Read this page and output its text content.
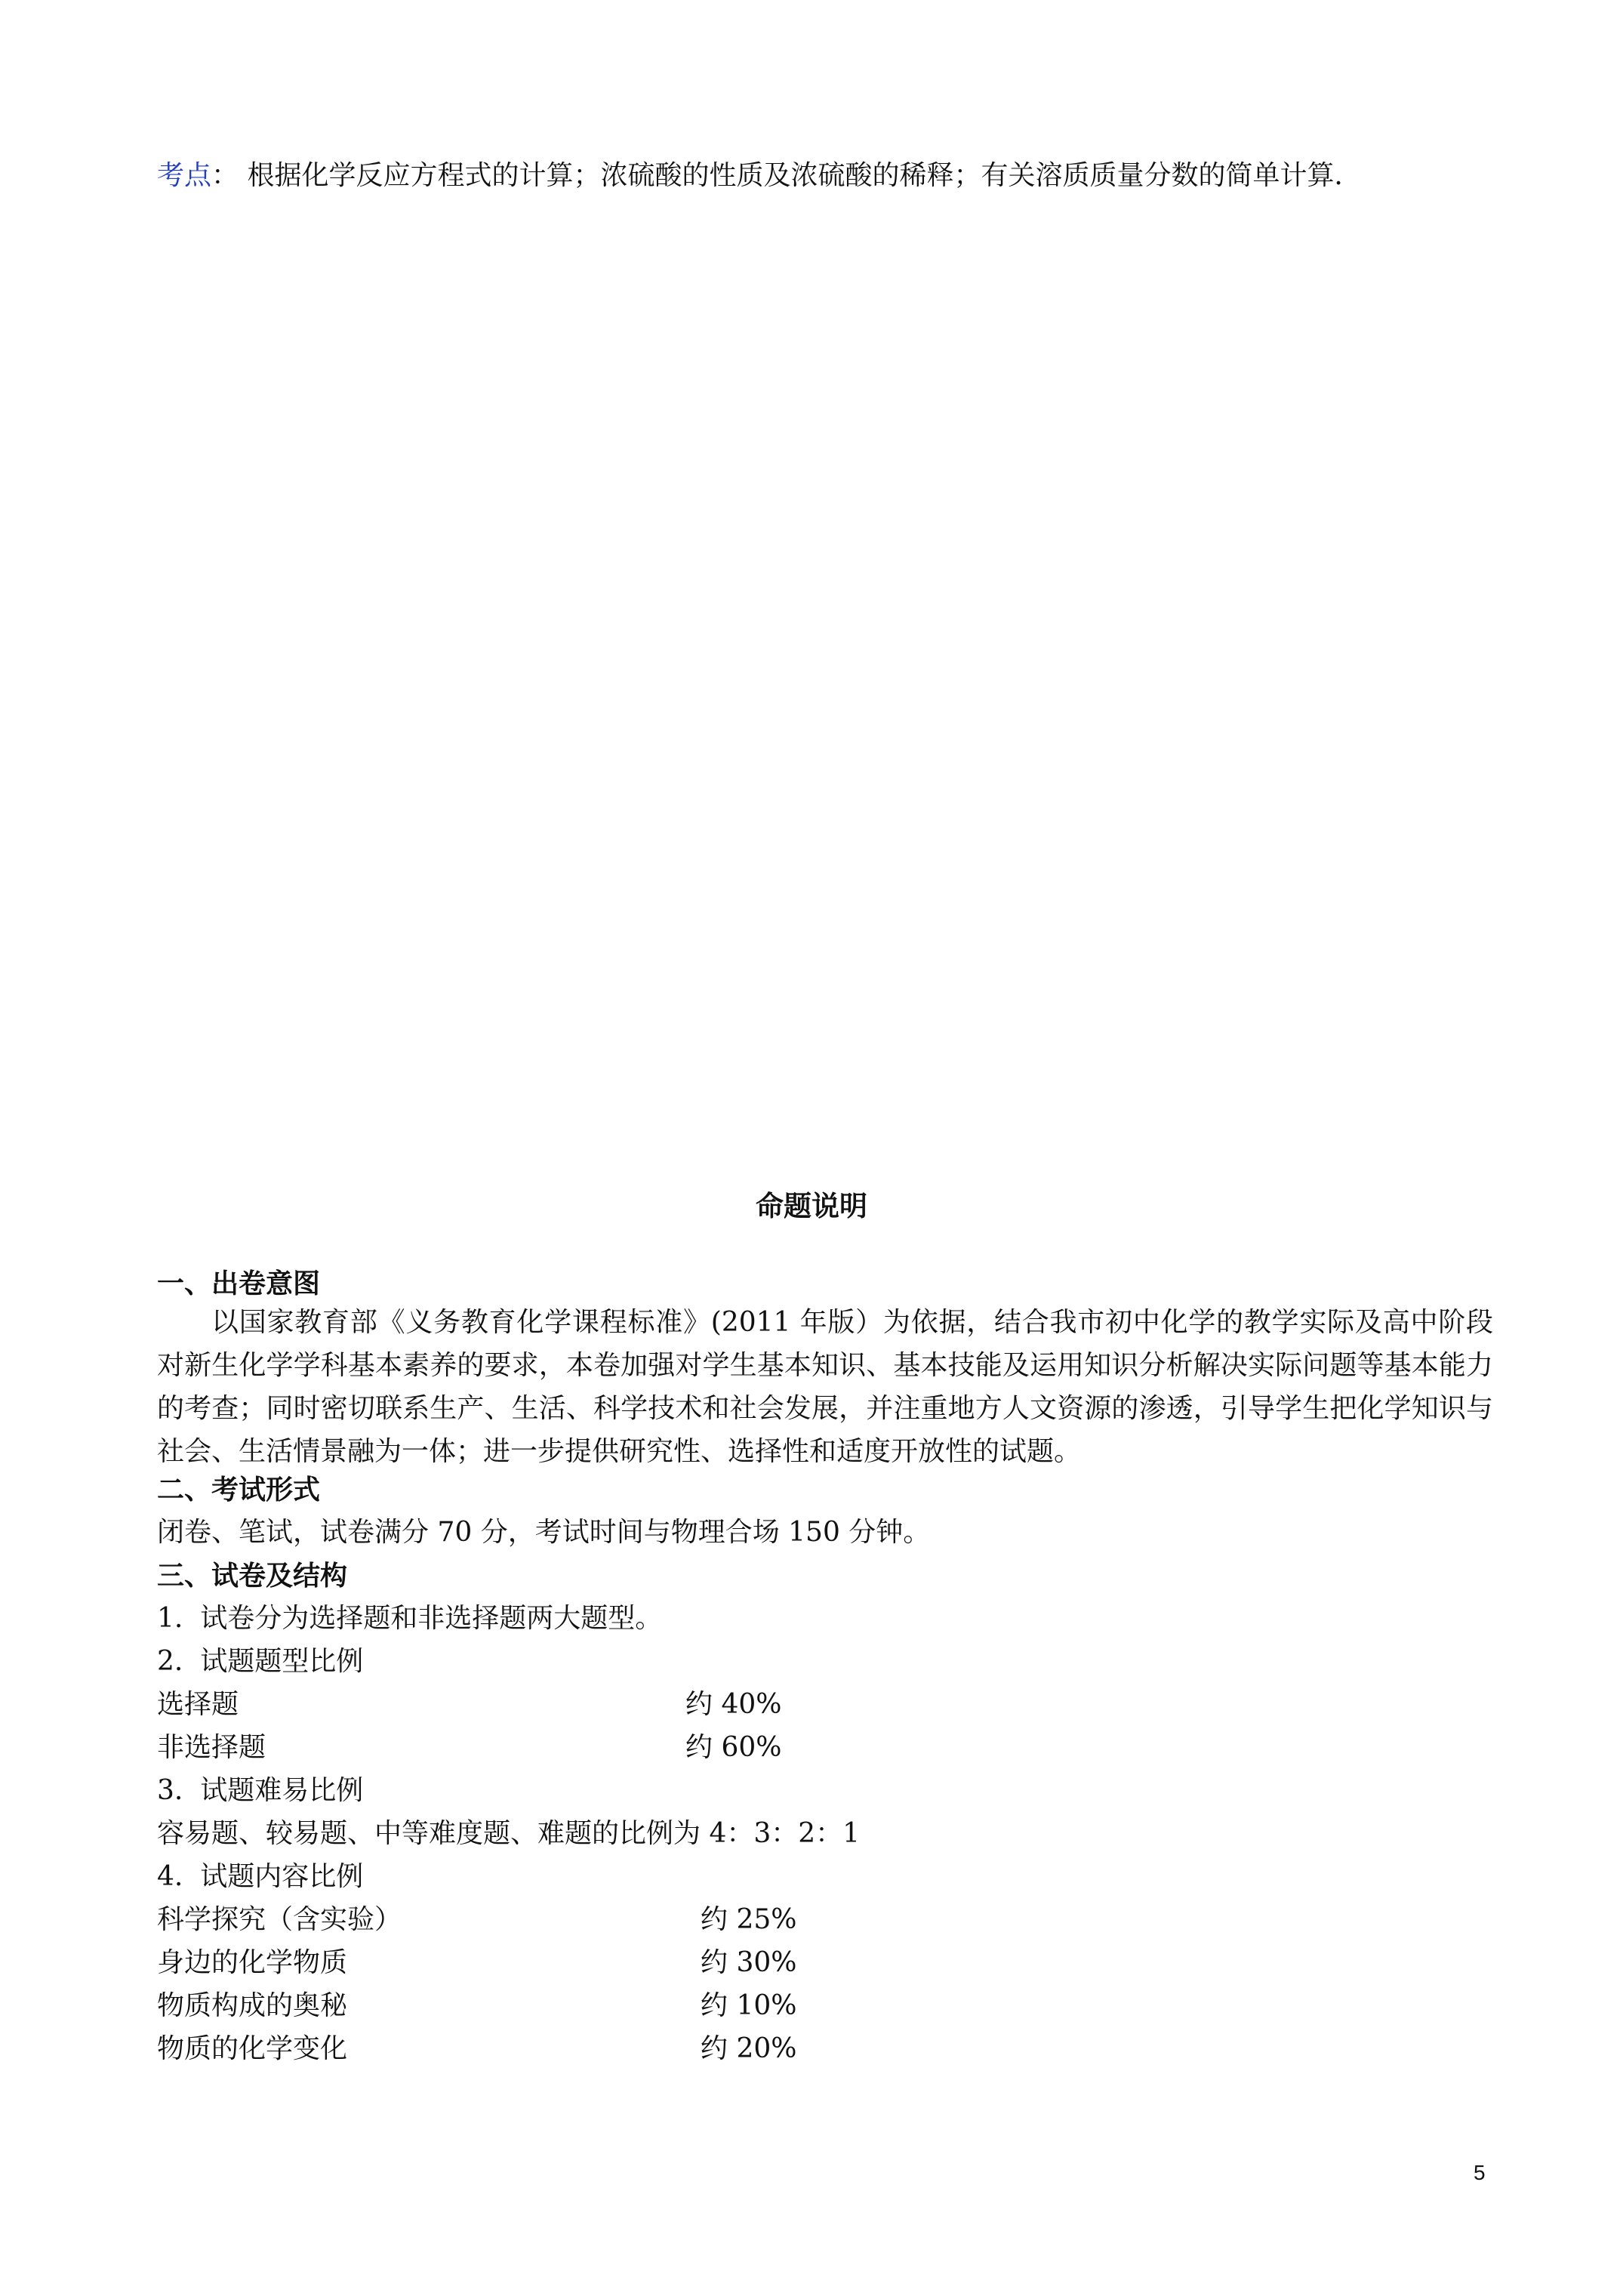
考点： 根据化学反应方程式的计算；浓硫酸的性质及浓硫酸的稀释；有关溶质质量分数的简单计算．
命题说明
一、出卷意图
以国家教育部《义务教育化学课程标准》(2011 年版）为依据，结合我市初中化学的教学实际及高中阶段对新生化学学科基本素养的要求，本卷加强对学生基本知识、基本技能及运用知识分析解决实际问题等基本能力的考查；同时密切联系生产、生活、科学技术和社会发展，并注重地方人文资源的渗透，引导学生把化学知识与社会、生活情景融为一体；进一步提供研究性、选择性和适度开放性的试题。
二、考试形式
闭卷、笔试，试卷满分 70 分，考试时间与物理合场 150 分钟。
三、试卷及结构
1.  试卷分为选择题和非选择题两大题型。
2.  试题题型比例
选择题	约 40%
非选择题	约 60%
3.  试题难易比例
容易题、较易题、中等难度题、难题的比例为 4：3：2：1
4.  试题内容比例
科学探究（含实验）	约 25%
身边的化学物质	约 30%
物质构成的奥秘	约 10%
物质的化学变化	约 20%
5
